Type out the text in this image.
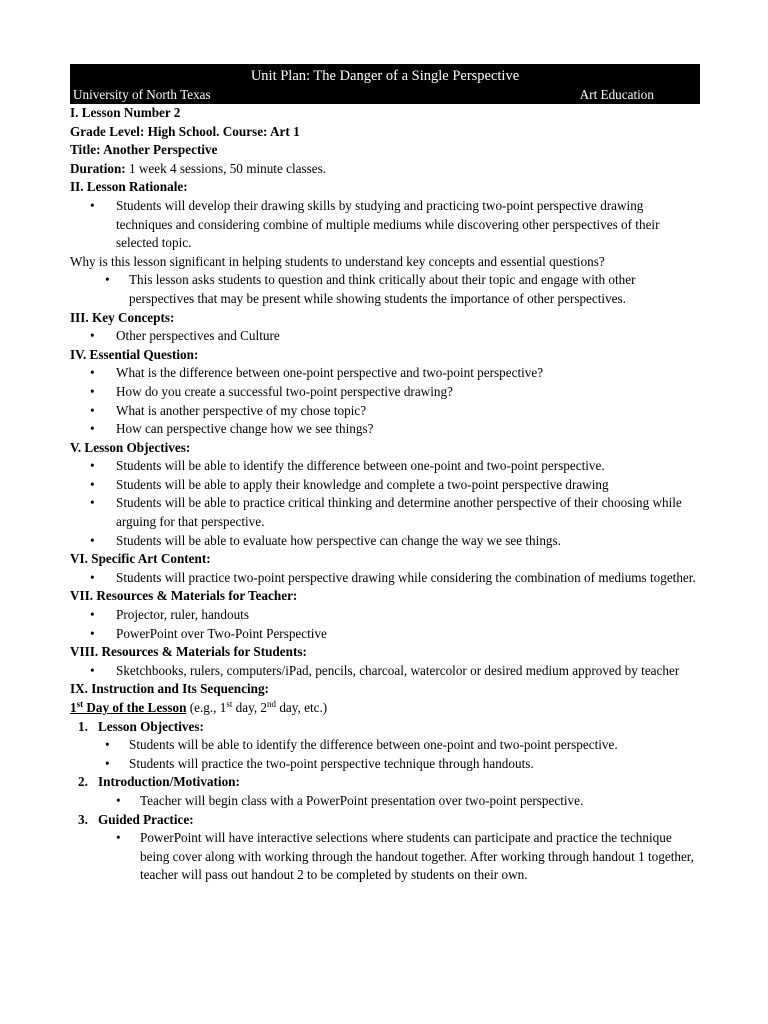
Unit Plan: The Danger of a Single Perspective
University of North Texas	Art Education
I. Lesson Number 2
Grade Level: High School. Course: Art 1
Title: Another Perspective
Duration: 1 week 4 sessions, 50 minute classes.
II. Lesson Rationale:
• Students will develop their drawing skills by studying and practicing two-point perspective drawing techniques and considering combine of multiple mediums while discovering other perspectives of their selected topic.
Why is this lesson significant in helping students to understand key concepts and essential questions?
• This lesson asks students to question and think critically about their topic and engage with other perspectives that may be present while showing students the importance of other perspectives.
III. Key Concepts:
• Other perspectives and Culture
IV. Essential Question:
• What is the difference between one-point perspective and two-point perspective?
• How do you create a successful two-point perspective drawing?
• What is another perspective of my chose topic?
• How can perspective change how we see things?
V. Lesson Objectives:
• Students will be able to identify the difference between one-point and two-point perspective.
• Students will be able to apply their knowledge and complete a two-point perspective drawing
• Students will be able to practice critical thinking and determine another perspective of their choosing while arguing for that perspective.
• Students will be able to evaluate how perspective can change the way we see things.
VI. Specific Art Content:
• Students will practice two-point perspective drawing while considering the combination of mediums together.
VII. Resources & Materials for Teacher:
• Projector, ruler, handouts
• PowerPoint over Two-Point Perspective
VIII. Resources & Materials for Students:
• Sketchbooks, rulers, computers/iPad, pencils, charcoal, watercolor or desired medium approved by teacher
IX. Instruction and Its Sequencing:
1st Day of the Lesson (e.g., 1st day, 2nd day, etc.)
1. Lesson Objectives:
• Students will be able to identify the difference between one-point and two-point perspective.
• Students will practice the two-point perspective technique through handouts.
2. Introduction/Motivation:
• Teacher will begin class with a PowerPoint presentation over two-point perspective.
3. Guided Practice:
• PowerPoint will have interactive selections where students can participate and practice the technique being cover along with working through the handout together. After working through handout 1 together, teacher will pass out handout 2 to be completed by students on their own.
